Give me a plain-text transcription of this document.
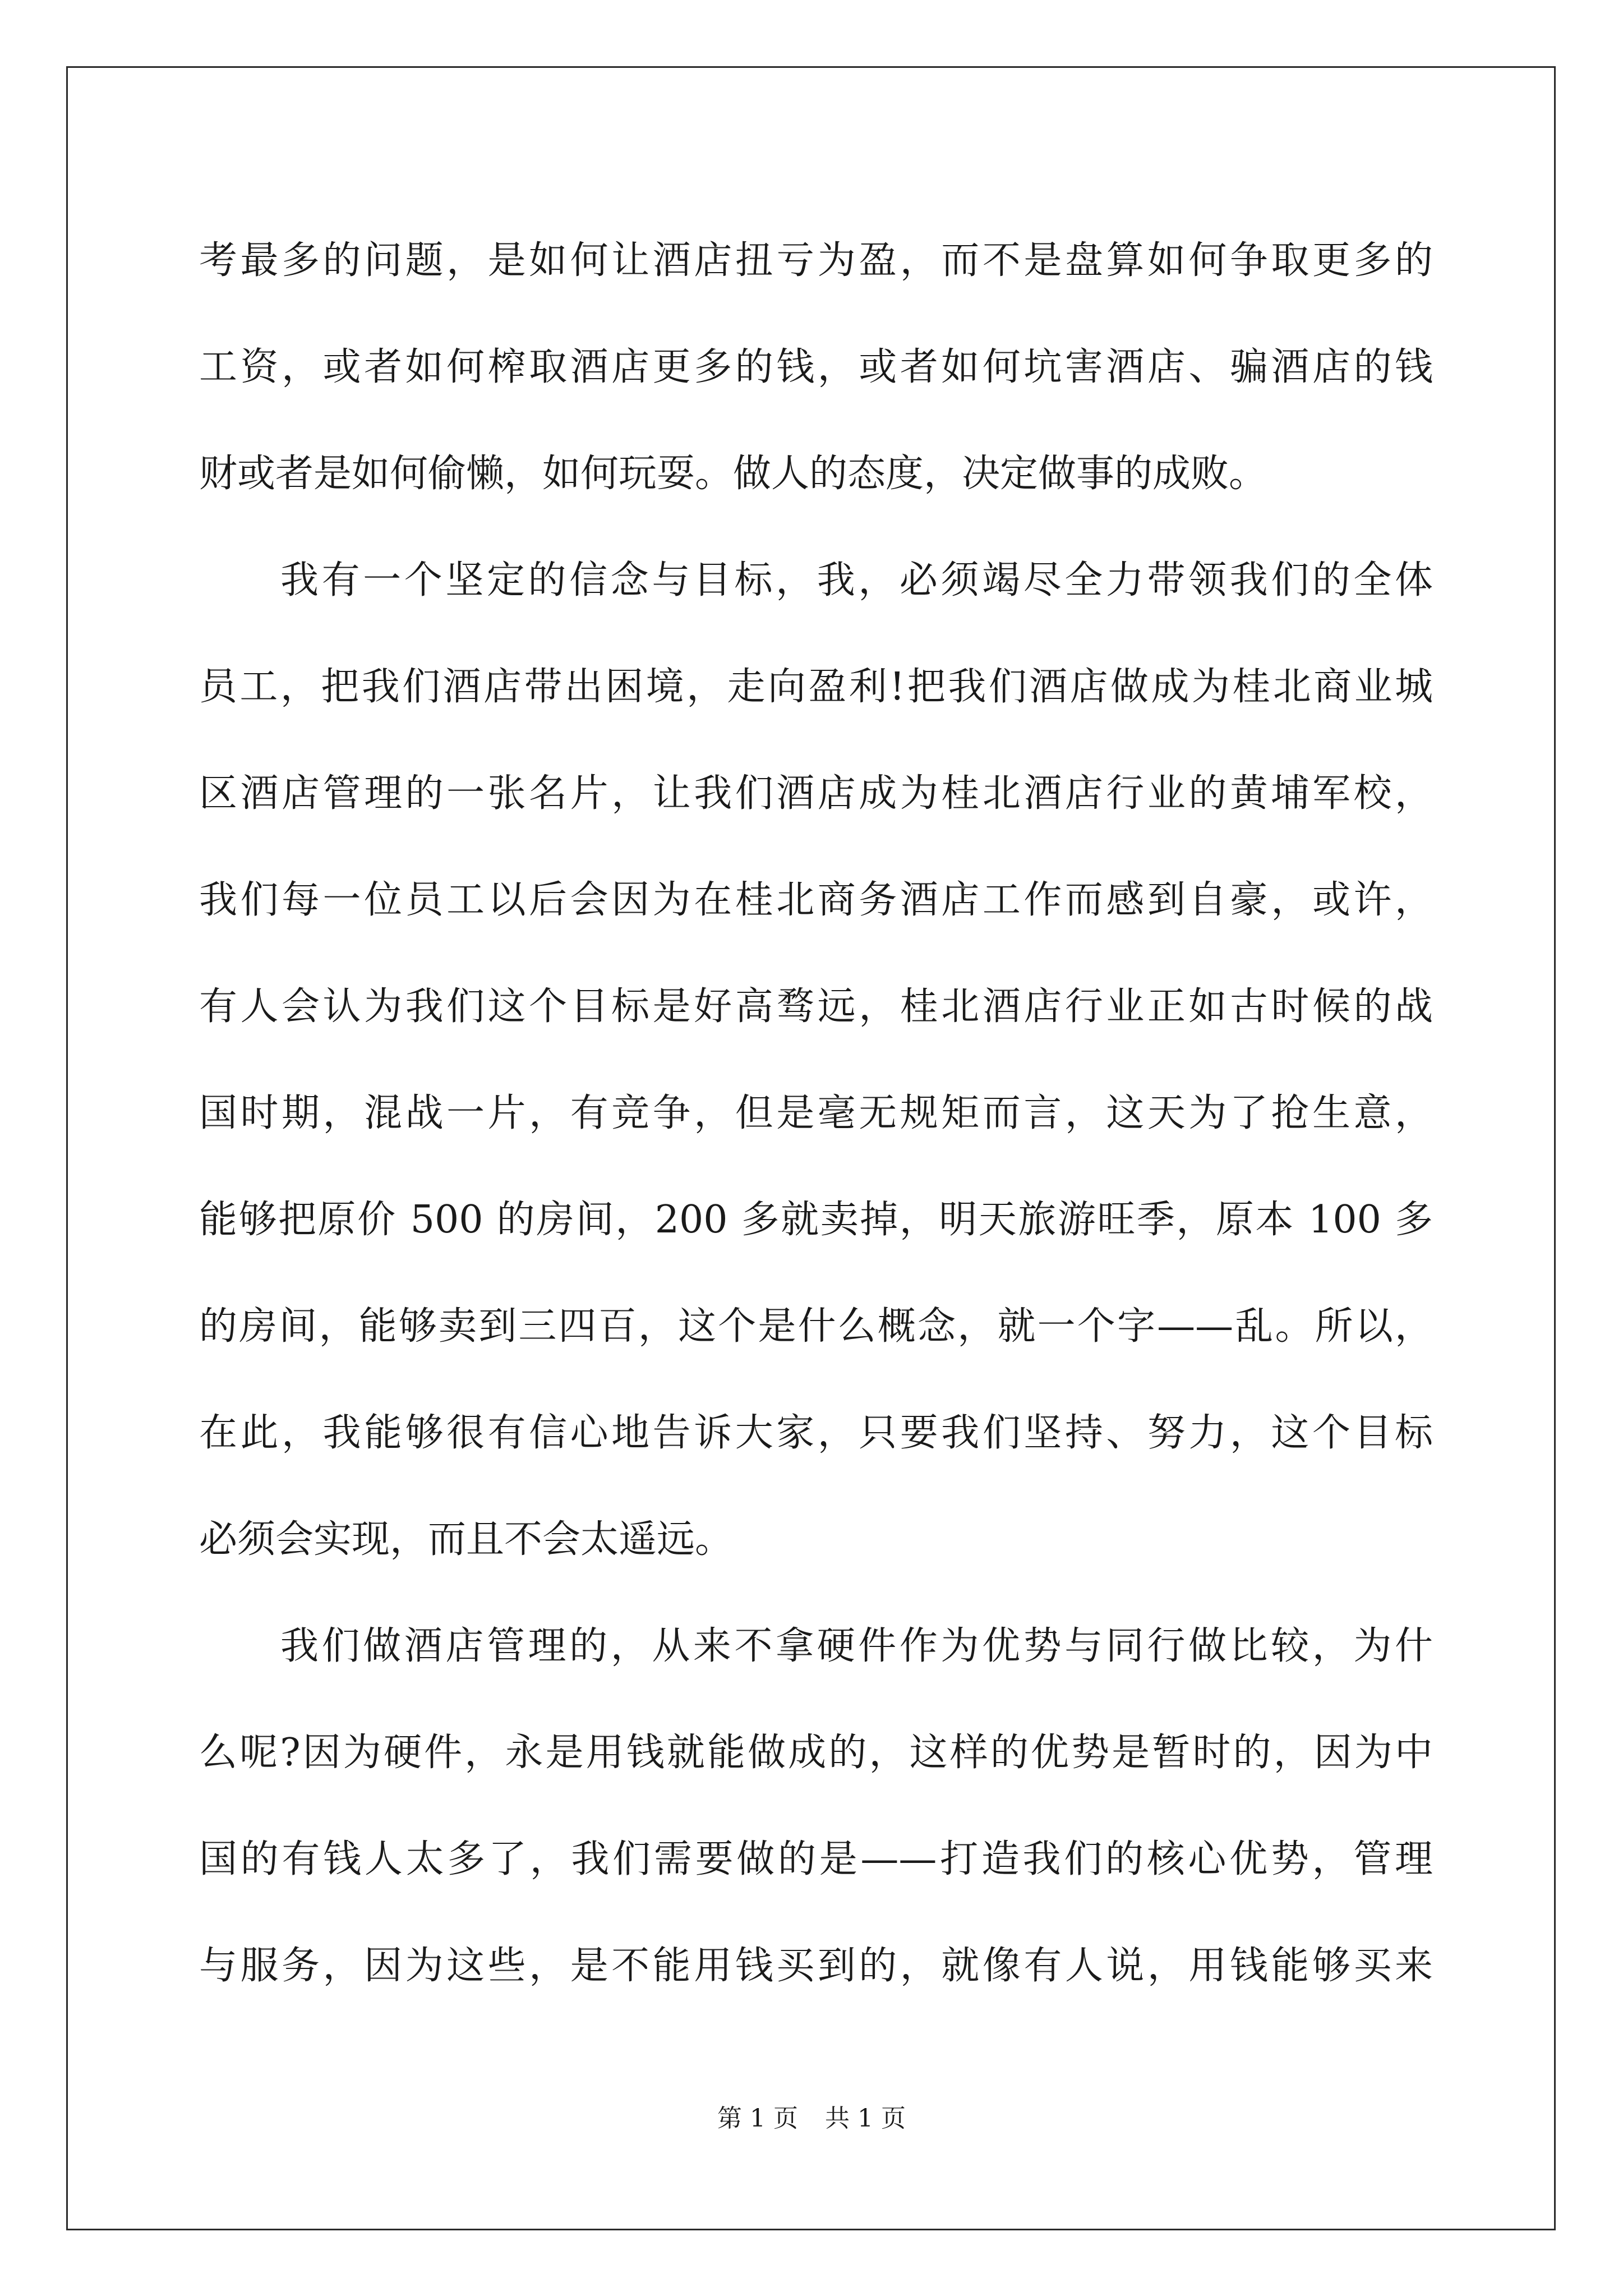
考最多的问题，是如何让酒店扭亏为盈，而不是盘算如何争取更多的
工资，或者如何榨取酒店更多的钱，或者如何坑害酒店、骗酒店的钱
财或者是如何偷懒，如何玩耍。做人的态度，决定做事的成败。

我有一个坚定的信念与目标，我，必须竭尽全力带领我们的全体
员工，把我们酒店带出困境，走向盈利!把我们酒店做成为桂北商业城
区酒店管理的一张名片，让我们酒店成为桂北酒店行业的黄埔军校，
我们每一位员工以后会因为在桂北商务酒店工作而感到自豪，或许，
有人会认为我们这个目标是好高骛远，桂北酒店行业正如古时候的战
国时期，混战一片，有竞争，但是毫无规矩而言，这天为了抢生意，
能够把原价 500 的房间，200 多就卖掉，明天旅游旺季，原本 100 多
的房间，能够卖到三四百，这个是什么概念，就一个字——乱。所以，
在此，我能够很有信心地告诉大家，只要我们坚持、努力，这个目标
必须会实现，而且不会太遥远。

我们做酒店管理的，从来不拿硬件作为优势与同行做比较，为什
么呢?因为硬件，永是用钱就能做成的，这样的优势是暂时的，因为中
国的有钱人太多了，我们需要做的是——打造我们的核心优势，管理
与服务，因为这些，是不能用钱买到的，就像有人说，用钱能够买来

第 1 页 共 1 页
